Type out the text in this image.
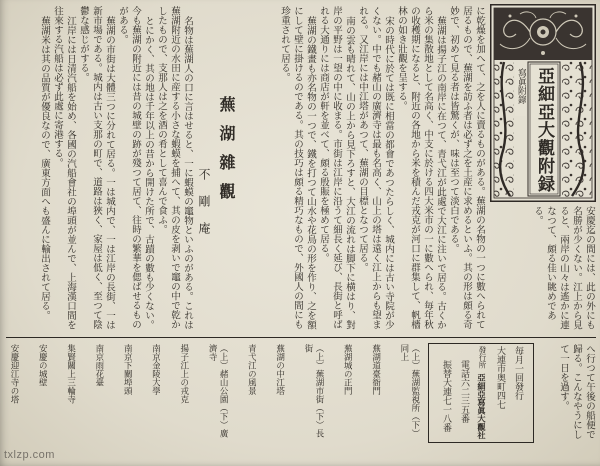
寫眞附錄 亞細亞大觀附録

安慶迄の間には、此の外にも名勝が少くない。江上から見ると、兩岸の山々は遙かに連なつて、頗る佳い眺めである。

に乾燥を加へて、之を人に賣るものがある。蕪湖の名物の一つに數へられて居るもので、蕪湖を訪ふ者は必ず之を土産に求めるといふ。其の形は頗る奇妙で、初めて見る者は皆驚くが、味は至つて淡白である。

蕪湖は揚子江の南岸に在つて、青弋江が此處で大江に注いで居る。古くから米の集散地として名高く、中支に於ける四大米市の一に數へられ、毎年秋の收穫期になると、附近の各地から米を積んだ戎克が河口に群集して、帆檣林の如き壯觀を呈する。

宋の時代に於ては既に相當の都會であつたらしく、城内には古い寺院が少くない。中でも赭山の廣濟寺は最も名高く、山上の塔は遠く江上からも望まれる。又江岸には中江塔があつて、蕪湖の目標となつて居る。

南の雲も晴れて、山の上から見下ろすと、大江の流れは脚下に横はり、對岸の平野は一望の中に收まる。市街は江岸に沿うて細長く延び、長街と呼ばれる大通りには商店が軒を並べて、頗る殷賑を極めて居る。

蕪湖の鐵畫も亦名物の一つで、鐵を打つて山水や花鳥の形を作り、之を額にして壁に掛けるのである。其の技巧は頗る精巧なもので、外國人の間にも珍重されて居る。

蕪湖雜觀
不剛庵

名物は蕪湖人の口に言はせると、一に蝦蟆の竈物といふのがある。これは蕪湖附近の水田に産する小さな蝦蟆を捕へて、其の皮を剥いで竈の中で乾かしたもので、支那人は之を酒の肴として喜んで食ふ。

とにかく、其の地は千年以上の昔から開けた所で、古蹟の數も少くない。今も蕪湖の附近には昔の城壁の跡が殘つて居て、往時の繁華を偲ばせるものがある。

蕪湖の市街は大體三つに分れて居る。一は城内で、一は江岸の長街、一は新市場である。城内は古い支那の町で、道路は狹く、家屋は低く、至つて陰鬱な感じがする。

江岸には日清汽船を始め、各國の汽船會社の埠頭が並んで、上海漢口間を往來する汽船は必ず此處に寄港する。

蕪湖米は其の品質が優良なので、廣東方面へも盛んに輸出されて居る。

へ行つて午後の船便で歸る。こんなやうにして一日を過す。

毎月一回發行
大連市奥町四七
發行所 亞細亞寫眞大觀社
電話六二三五番
振替大連七一八番
（上）蕪湖監視所（下）同上
蕪湖道臺衙門
蕪湖城の正門
（上）蕪湖市街（下）長街
蕪湖の中江塔
青弋江の風景
（上）赭山公園（下）廣濟寺
揚子江上の戎克
南京金陵大學
南京下關埠頭
南京雨花臺
集賢關上三輪寺
安慶の城壁
安慶迎江寺の塔
txlzp.com
